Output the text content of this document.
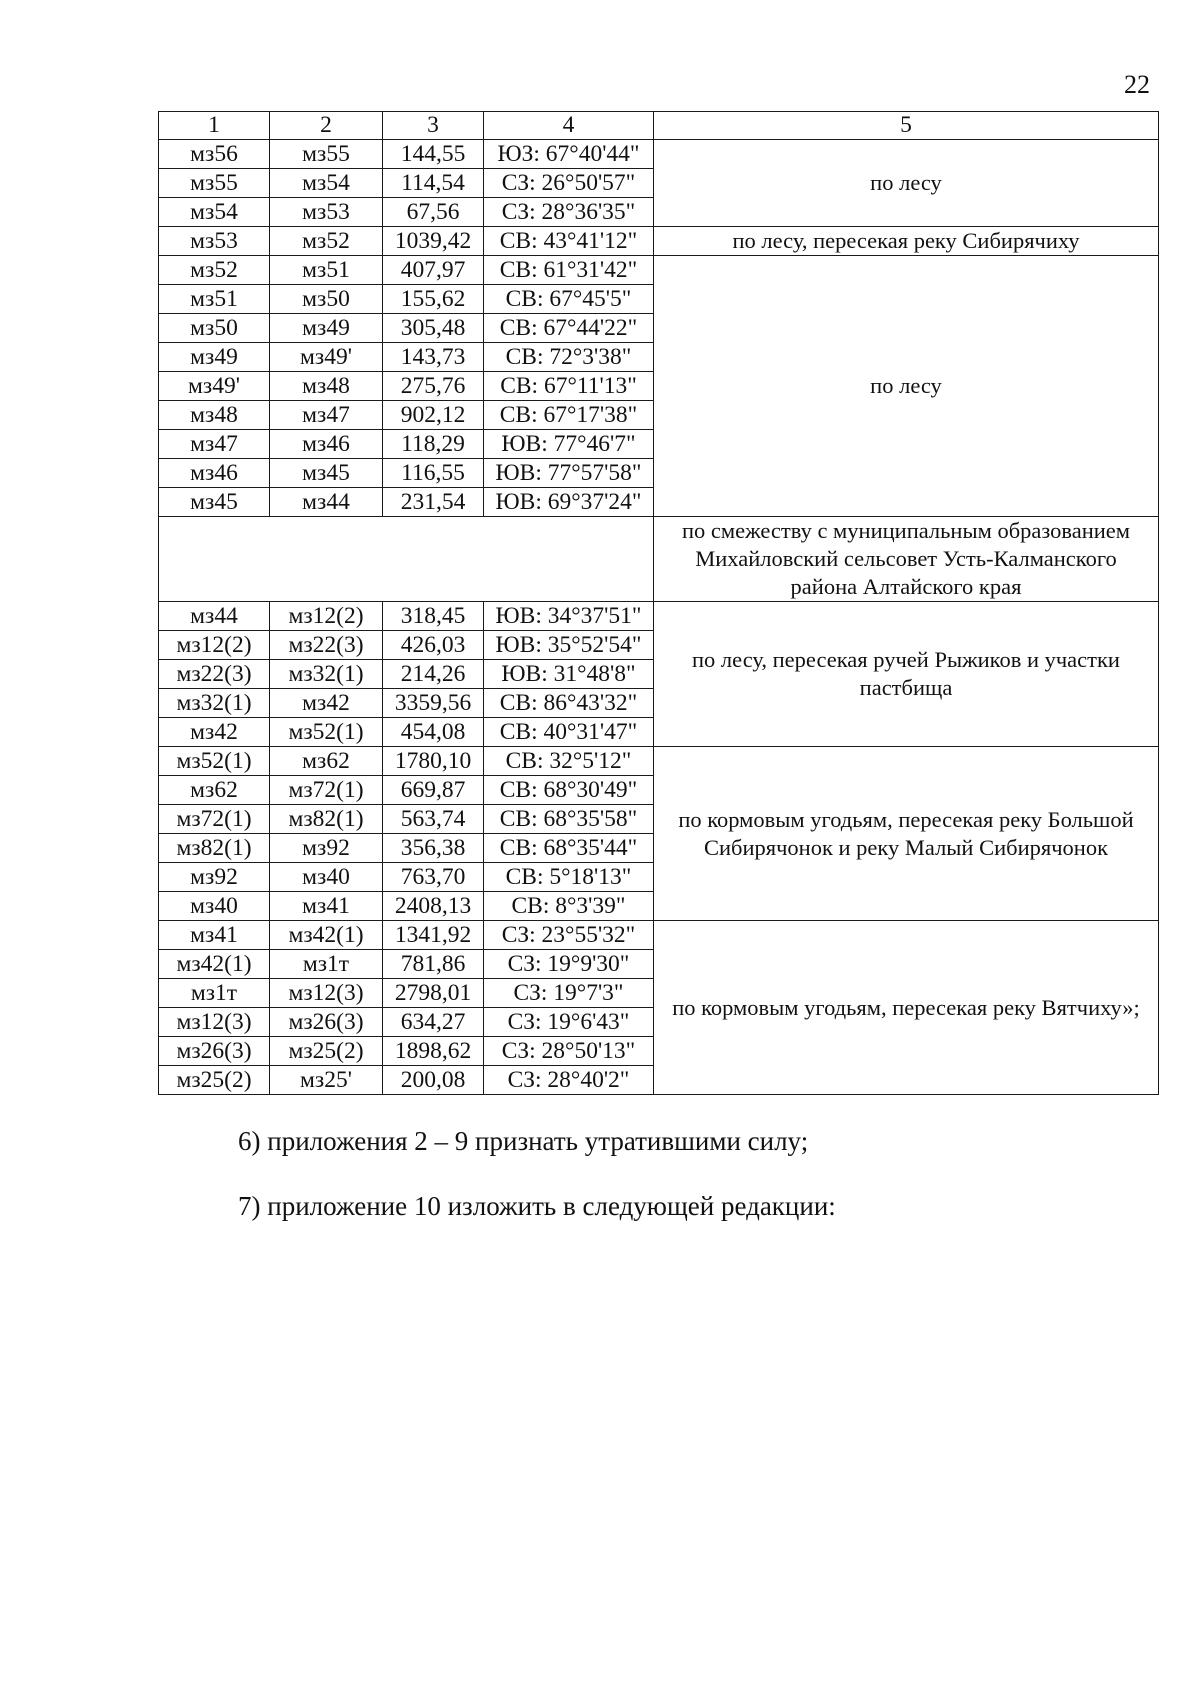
22
1	2	3	4	5
мз56	мз55	144,55	ЮЗ: 67°40'44"	по лесу
мз55	мз54	114,54	СЗ: 26°50'57"	
мз54	мз53	67,56	СЗ: 28°36'35"	
мз53	мз52	1039,42	СВ: 43°41'12"	по лесу, пересекая реку Сибирячиху
мз52	мз51	407,97	СВ: 61°31'42"	по лесу
мз51	мз50	155,62	СВ: 67°45'5"	
мз50	мз49	305,48	СВ: 67°44'22"	
мз49	мз49'	143,73	СВ: 72°3'38"	
мз49'	мз48	275,76	СВ: 67°11'13"	
мз48	мз47	902,12	СВ: 67°17'38"	
мз47	мз46	118,29	ЮВ: 77°46'7"	
мз46	мз45	116,55	ЮВ: 77°57'58"	
мз45	мз44	231,54	ЮВ: 69°37'24"	
				по смежеству с муниципальным образованием Михайловский сельсовет Усть-Калманского района Алтайского края
мз44	мз12(2)	318,45	ЮВ: 34°37'51"	по лесу, пересекая ручей Рыжиков и участки пастбища
мз12(2)	мз22(3)	426,03	ЮВ: 35°52'54"	
мз22(3)	мз32(1)	214,26	ЮВ: 31°48'8"	
мз32(1)	мз42	3359,56	СВ: 86°43'32"	
мз42	мз52(1)	454,08	СВ: 40°31'47"	
мз52(1)	мз62	1780,10	СВ: 32°5'12"	по кормовым угодьям, пересекая реку Большой Сибирячонок и реку Малый Сибирячонок
мз62	мз72(1)	669,87	СВ: 68°30'49"	
мз72(1)	мз82(1)	563,74	СВ: 68°35'58"	
мз82(1)	мз92	356,38	СВ: 68°35'44"	
мз92	мз40	763,70	СВ: 5°18'13"	
мз40	мз41	2408,13	СВ: 8°3'39"	
мз41	мз42(1)	1341,92	СЗ: 23°55'32"	по кормовым угодьям, пересекая реку Вятчиху»;
мз42(1)	мз1т	781,86	СЗ: 19°9'30"	
мз1т	мз12(3)	2798,01	СЗ: 19°7'3"	
мз12(3)	мз26(3)	634,27	СЗ: 19°6'43"	
мз26(3)	мз25(2)	1898,62	СЗ: 28°50'13"	
мз25(2)	мз25'	200,08	СЗ: 28°40'2"	

6) приложения 2 – 9 признать утратившими силу;

7) приложение 10 изложить в следующей редакции:
